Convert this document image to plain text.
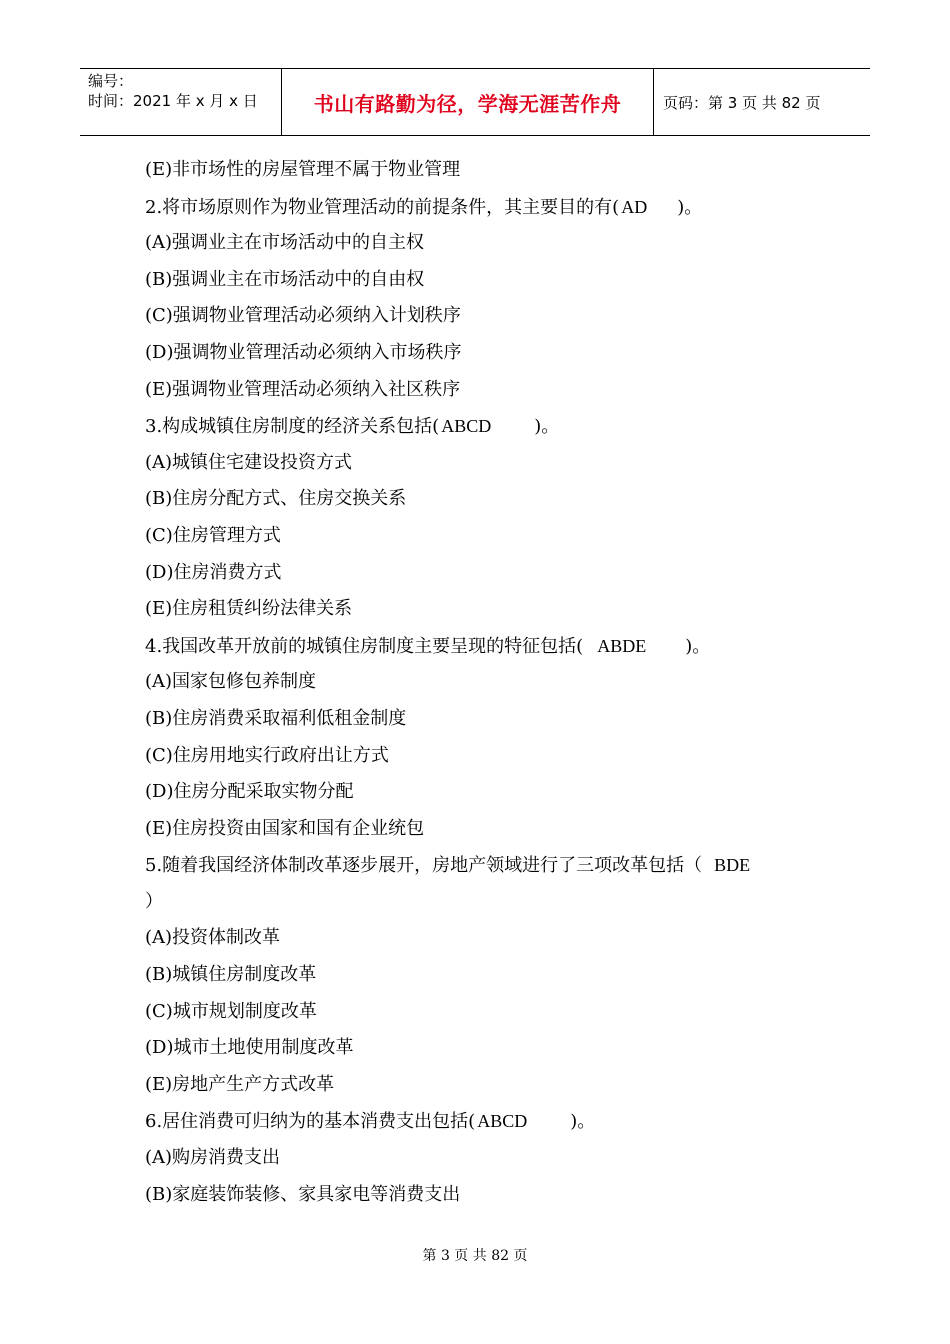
编号：
时间：2021 年 x 月 x 日	书山有路勤为径，学海无涯苦作舟	页码：第 3 页 共 82 页
(E)非市场性的房屋管理不属于物业管理
2.将市场原则作为物业管理活动的前提条件，其主要目的有( AD )。
(A)强调业主在市场活动中的自主权
(B)强调业主在市场活动中的自由权
(C)强调物业管理活动必须纳入计划秩序
(D)强调物业管理活动必须纳入市场秩序
(E)强调物业管理活动必须纳入社区秩序
3.构成城镇住房制度的经济关系包括( ABCD )。
(A)城镇住宅建设投资方式
(B)住房分配方式、住房交换关系
(C)住房管理方式
(D)住房消费方式
(E)住房租赁纠纷法律关系
4.我国改革开放前的城镇住房制度主要呈现的特征包括( ABDE )。
(A)国家包修包养制度
(B)住房消费采取福利低租金制度
(C)住房用地实行政府出让方式
(D)住房分配采取实物分配
(E)住房投资由国家和国有企业统包
5.随着我国经济体制改革逐步展开，房地产领域进行了三项改革包括（ BDE
）
(A)投资体制改革
(B)城镇住房制度改革
(C)城市规划制度改革
(D)城市土地使用制度改革
(E)房地产生产方式改革
6.居住消费可归纳为的基本消费支出包括( ABCD )。
(A)购房消费支出
(B)家庭装饰装修、家具家电等消费支出
第 3 页 共 82 页
